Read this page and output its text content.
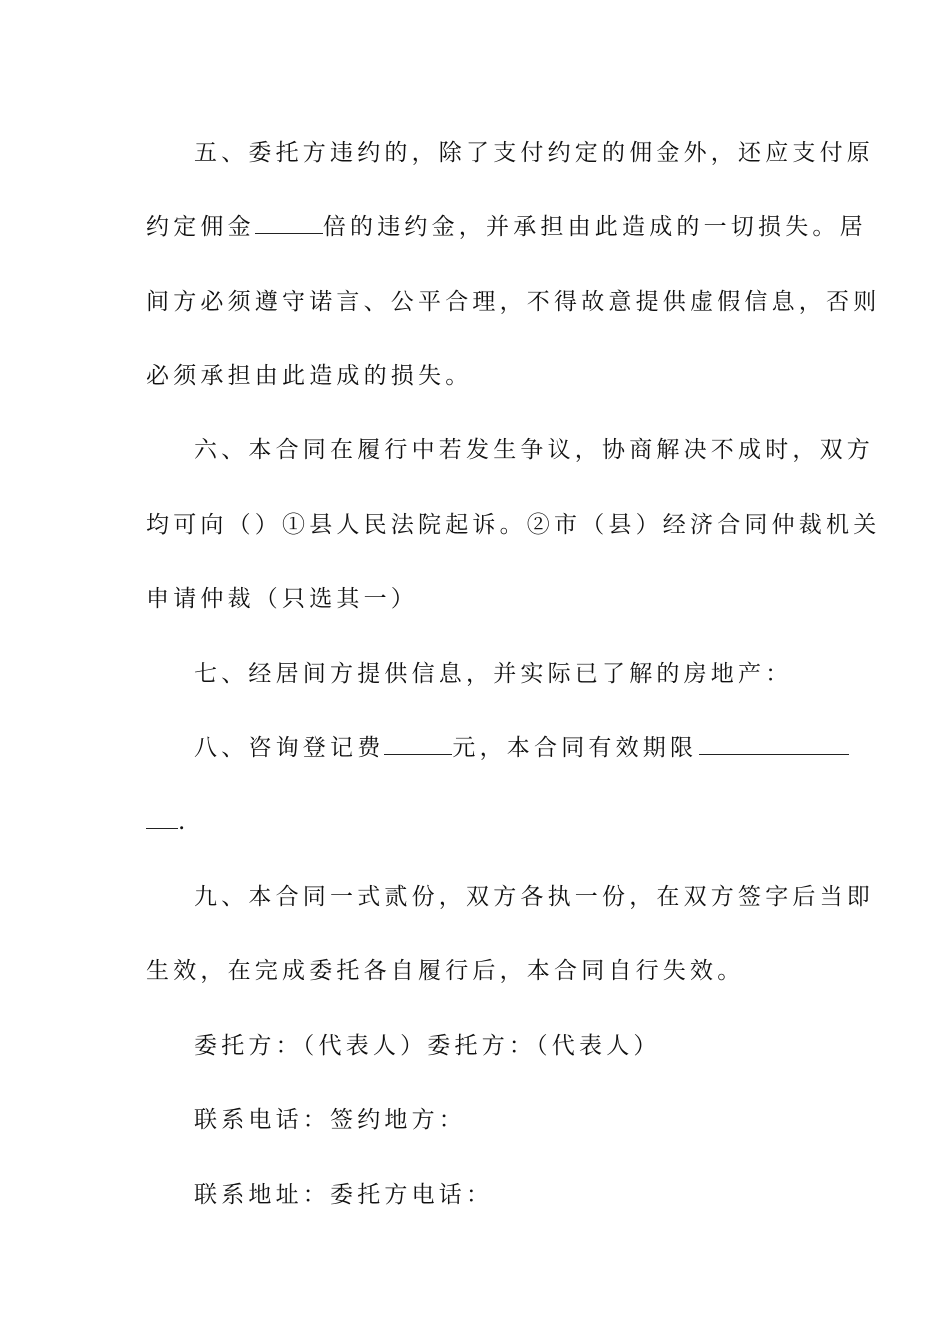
五、委托方违约的，除了支付约定的佣金外，还应支付原
约定佣金	倍的违约金，并承担由此造成的一切损失。居
间方必须遵守诺言、公平合理，不得故意提供虚假信息，否则
必须承担由此造成的损失。
六、本合同在履行中若发生争议，协商解决不成时，双方
均可向（）①县人民法院起诉。②市（县）经济合同仲裁机关
申请仲裁（只选其一）
七、经居间方提供信息，并实际已了解的房地产：
八、咨询登记费	元，本合同有效期限
.
九、本合同一式贰份，双方各执一份，在双方签字后当即
生效，在完成委托各自履行后，本合同自行失效。
委托方：（代表人）委托方：（代表人）
联系电话：签约地方：
联系地址：委托方电话：
